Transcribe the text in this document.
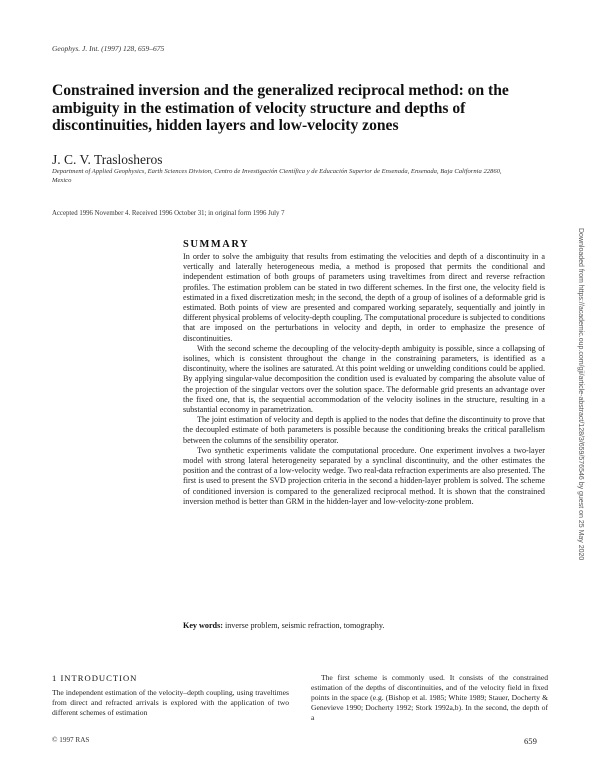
Geophys. J. Int. (1997) 128, 659–675
Constrained inversion and the generalized reciprocal method: on the ambiguity in the estimation of velocity structure and depths of discontinuities, hidden layers and low-velocity zones
J. C. V. Traslosheros
Department of Applied Geophysics, Earth Sciences Division, Centro de Investigación Científica y de Educación Superior de Ensenada, Ensenada, Baja California 22860, Mexico
Accepted 1996 November 4. Received 1996 October 31; in original form 1996 July 7
Downloaded from https://academic.oup.com/gji/article-abstract/128/3/659/576546 by guest on 25 May 2020
SUMMARY

In order to solve the ambiguity that results from estimating the velocities and depth of a discontinuity in a vertically and laterally heterogeneous media, a method is proposed that permits the conditional and independent estimation of both groups of parameters using traveltimes from direct and reverse refraction profiles. The estimation problem can be stated in two different schemes. In the first one, the velocity field is estimated in a fixed discretization mesh; in the second, the depth of a group of isolines of a deformable grid is estimated. Both points of view are presented and compared working separately, sequentially and jointly in different physical problems of velocity-depth coupling. The computational procedure is subjected to conditions that are imposed on the perturbations in velocity and depth, in order to emphasize the presence of discontinuities.

With the second scheme the decoupling of the velocity-depth ambiguity is possible, since a collapsing of isolines, which is consistent throughout the change in the constraining parameters, is identified as a discontinuity, where the isolines are saturated. At this point welding or unwelding conditions could be applied. By applying singular-value decomposition the condition used is evaluated by comparing the absolute value of the projection of the singular vectors over the solution space. The deformable grid presents an advantage over the fixed one, that is, the sequential accommodation of the velocity isolines in the structure, resulting in a substantial economy in parametrization.

The joint estimation of velocity and depth is applied to the nodes that define the discontinuity to prove that the decoupled estimate of both parameters is possible because the conditioning breaks the critical parallelism between the columns of the sensibility operator.

Two synthetic experiments validate the computational procedure. One experiment involves a two-layer model with strong lateral heterogeneity separated by a synclinal discontinuity, and the other estimates the position and the contrast of a low-velocity wedge. Two real-data refraction experiments are also presented. The first is used to present the SVD projection criteria in the second a hidden-layer problem is solved. The scheme of conditioned inversion is compared to the generalized reciprocal method. It is shown that the constrained inversion method is better than GRM in the hidden-layer and low-velocity-zone problem.

Key words: inverse problem, seismic refraction, tomography.
1 INTRODUCTION

The independent estimation of the velocity–depth coupling, using traveltimes from direct and refracted arrivals is explored with the application of two different schemes of estimation

The first scheme is commonly used. It consists of the constrained estimation of the depths of discontinuities, and of the velocity field in fixed points in the space (e.g. (Bishop et al. 1985; White 1989; Stauer, Docherty & Genevieve 1990; Docherty 1992; Stork 1992a,b). In the second, the depth of a

© 1997 RAS	659
